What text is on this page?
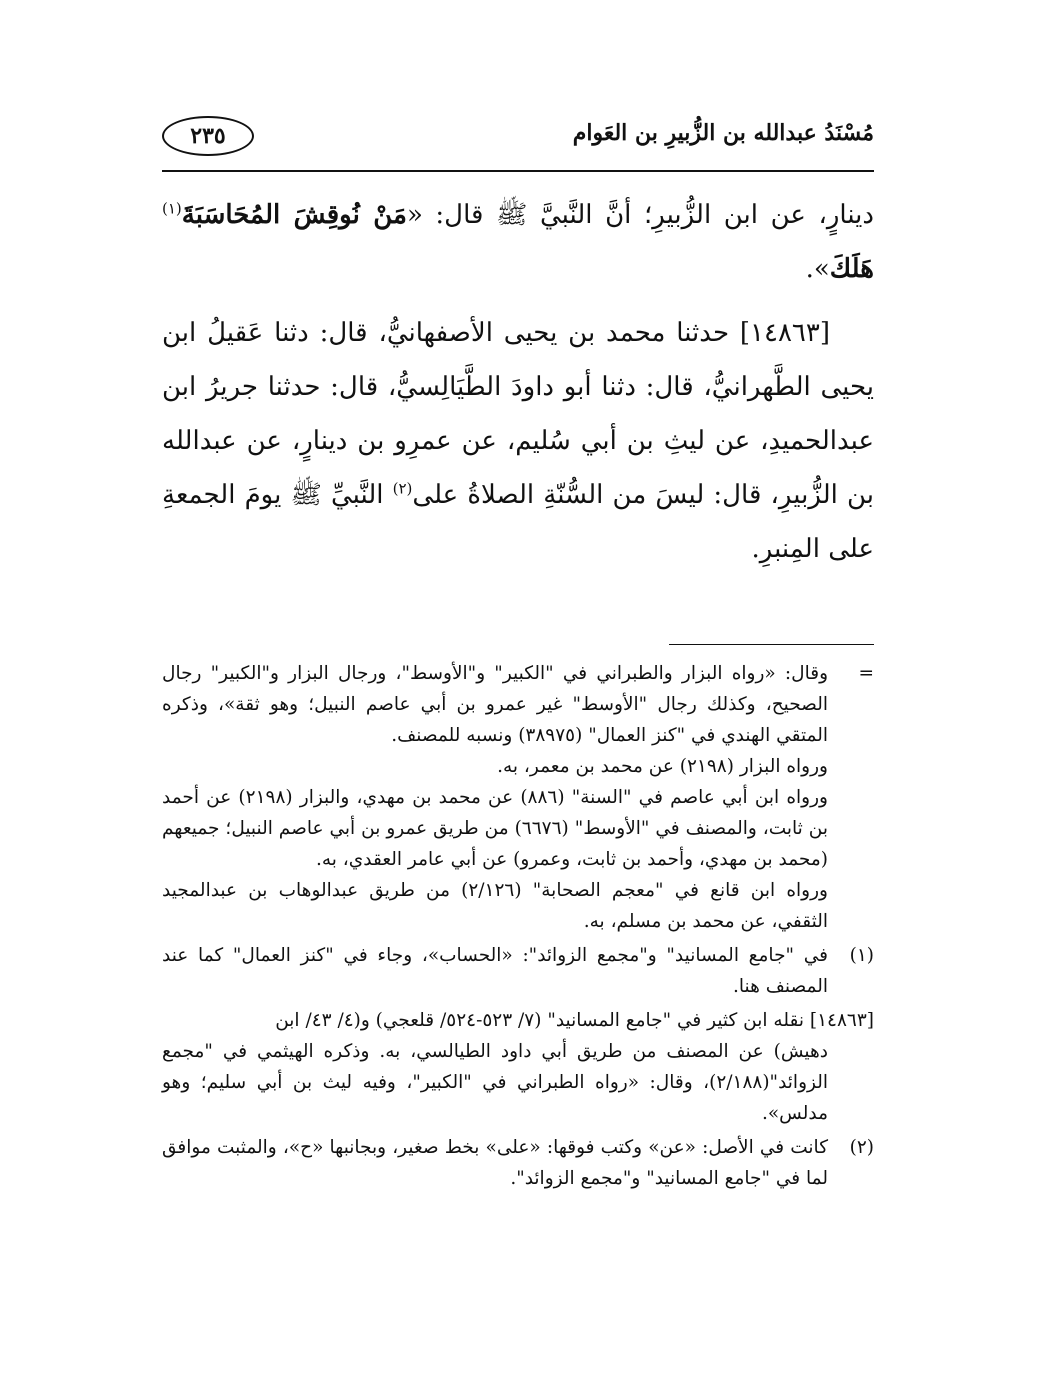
مُسْنَدُ عبدالله بن الزُّبيرِ بن العَوام
٢٣٥

دينارٍ، عن ابن الزُّبيرِ؛ أنَّ النَّبيَّ ﷺ قال: «مَنْ نُوقِشَ المُحَاسَبَةَ$^{(١)}$ هَلَكَ».

[١٤٨٦٣] حدثنا محمد بن يحيى الأصفهانيُّ، قال: دثنا عَقيلُ ابن يحيى الطَّهرانيُّ، قال: دثنا أبو داودَ الطَّيَالِسيُّ، قال: حدثنا جريرُ ابن عبدالحميدِ، عن ليثِ بن أبي سُليم، عن عمرِو بن دينارٍ، عن عبدالله بن الزُّبيرِ، قال: ليسَ من السُّنّةِ الصلاةُ على$^{(٢)}$ النَّبيِّ ﷺ يومَ الجمعةِ على المِنبرِ.

=

وقال: «رواه البزار والطبراني في "الكبير" و"الأوسط"، ورجال البزار و"الكبير" رجال الصحيح، وكذلك رجال "الأوسط" غير عمرو بن أبي عاصم النبيل؛ وهو ثقة»، وذكره المتقي الهندي في "كنز العمال" (٣٨٩٧٥) ونسبه للمصنف.

ورواه البزار (٢١٩٨) عن محمد بن معمر، به.

ورواه ابن أبي عاصم في "السنة" (٨٨٦) عن محمد بن مهدي، والبزار (٢١٩٨) عن أحمد بن ثابت، والمصنف في "الأوسط" (٦٦٧٦) من طريق عمرو بن أبي عاصم النبيل؛ جميعهم (محمد بن مهدي، وأحمد بن ثابت، وعمرو) عن أبي عامر العقدي، به.

ورواه ابن قانع في "معجم الصحابة" (٢/١٢٦) من طريق عبدالوهاب بن عبدالمجيد الثقفي، عن محمد بن مسلم، به.

(١)

في "جامع المسانيد" و"مجمع الزوائد": «الحساب»، وجاء في "كنز العمال" كما عند المصنف هنا.

[١٤٨٦٣] نقله ابن كثير في "جامع المسانيد" (٧/ ٥٢٣-٥٢٤/ قلعجي) و(٤/ ٤٣/ ابن
دهيش) عن المصنف من طريق أبي داود الطيالسي، به. وذكره الهيثمي في "مجمع الزوائد"(٢/١٨٨)، وقال: «رواه الطبراني في "الكبير"، وفيه ليث بن أبي سليم؛ وهو مدلس».
(٢)

كانت في الأصل: «عن» وكتب فوقها: «على» بخط صغير، وبجانبها «ح»، والمثبت موافق لما في "جامع المسانيد" و"مجمع الزوائد".
